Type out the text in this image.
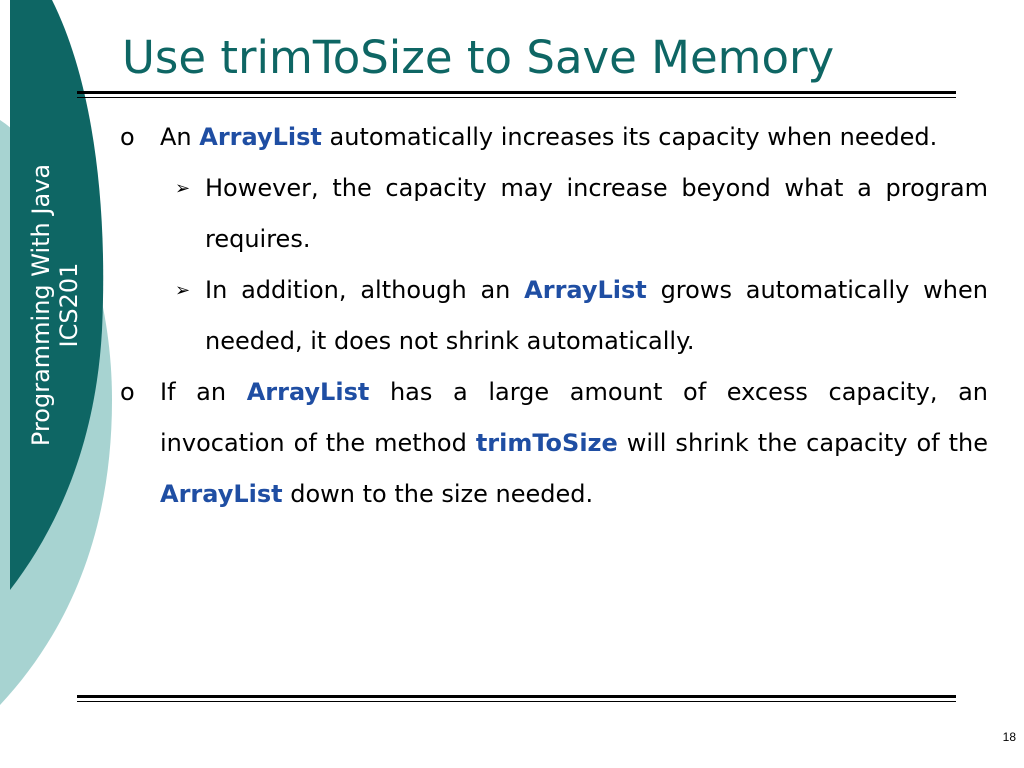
Programming With Java ICS201
Use trimToSize to Save Memory
o An ArrayList automatically increases its capacity when needed.
➢ However, the capacity may increase beyond what a program requires.
➢ In addition, although an ArrayList grows automatically when needed, it does not shrink automatically.
o If an ArrayList has a large amount of excess capacity, an invocation of the method trimToSize will shrink the capacity of the ArrayList down to the size needed.
18
